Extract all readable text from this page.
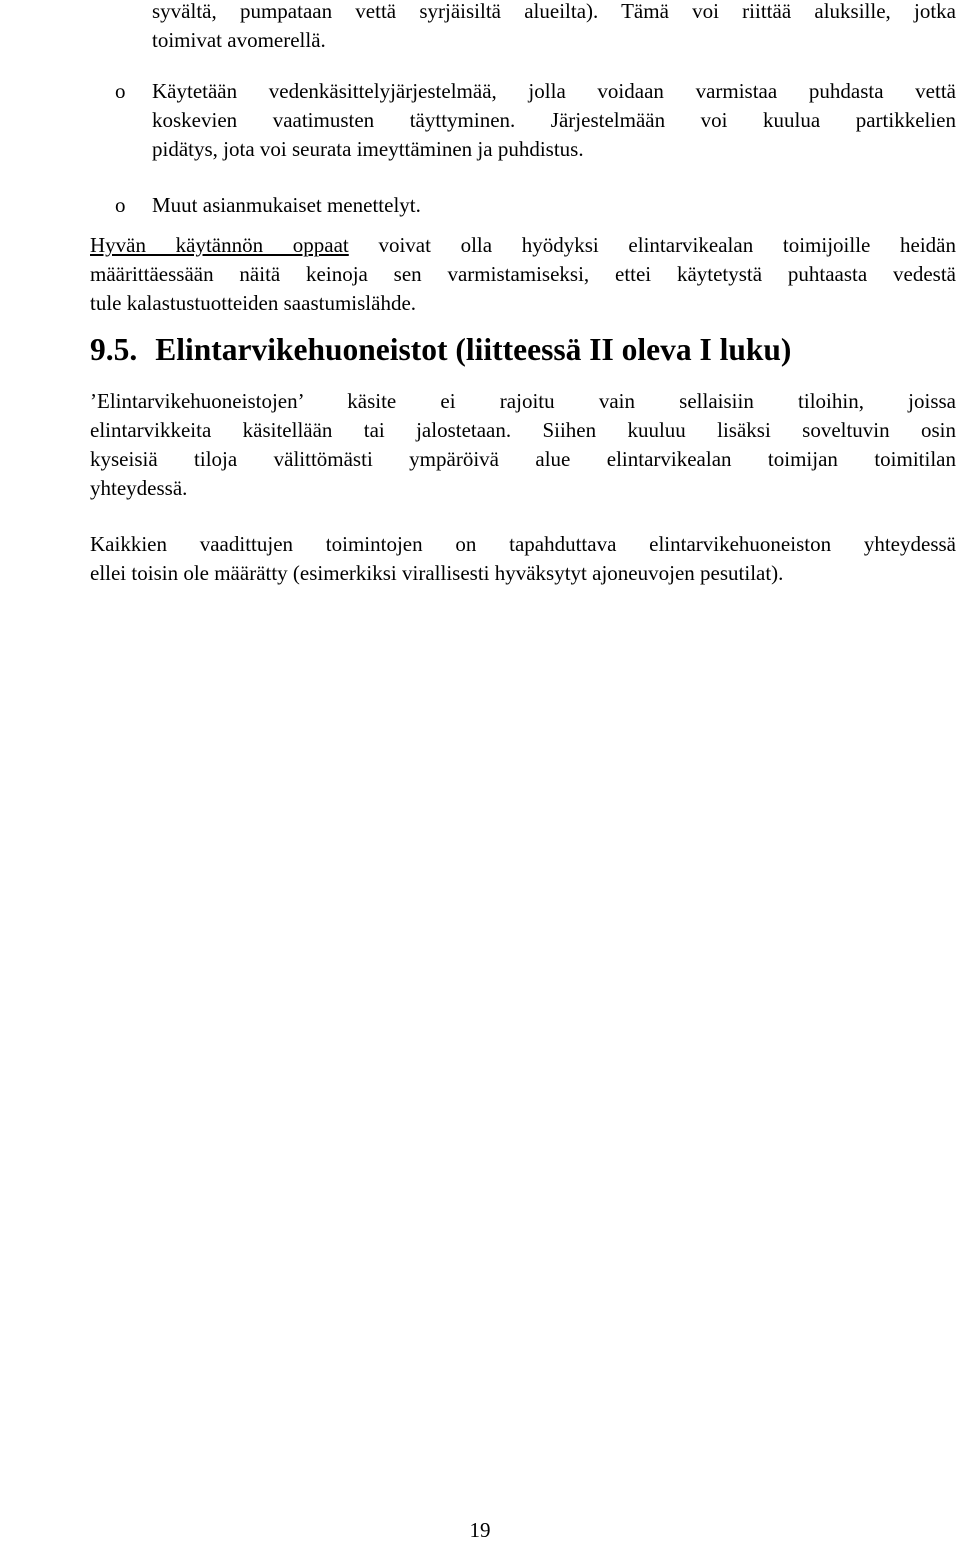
syvältä, pumpataan vettä syrjäisiltä alueilta). Tämä voi riittää aluksille, jotka
toimivat avomerellä.

o Käytetään vedenkäsittelyjärjestelmää, jolla voidaan varmistaa puhdasta vettä
koskevien vaatimusten täyttyminen. Järjestelmään voi kuulua partikkelien
pidätys, jota voi seurata imeyttäminen ja puhdistus.

o Muut asianmukaiset menettelyt.

Hyvän käytännön oppaat voivat olla hyödyksi elintarvikealan toimijoille heidän
määrittäessään näitä keinoja sen varmistamiseksi, ettei käytetystä puhtaasta vedestä
tule kalastustuotteiden saastumislähde.

9.5. Elintarvikehuoneistot (liitteessä II oleva I luku)

’Elintarvikehuoneistojen’ käsite ei rajoitu vain sellaisiin tiloihin, joissa
elintarvikkeita käsitellään tai jalostetaan. Siihen kuuluu lisäksi soveltuvin osin
kyseisiä tiloja välittömästi ympäröivä alue elintarvikealan toimijan toimitilan
yhteydessä.

Kaikkien vaadittujen toimintojen on tapahduttava elintarvikehuoneiston yhteydessä
ellei toisin ole määrätty (esimerkiksi virallisesti hyväksytyt ajoneuvojen pesutilat).

19
